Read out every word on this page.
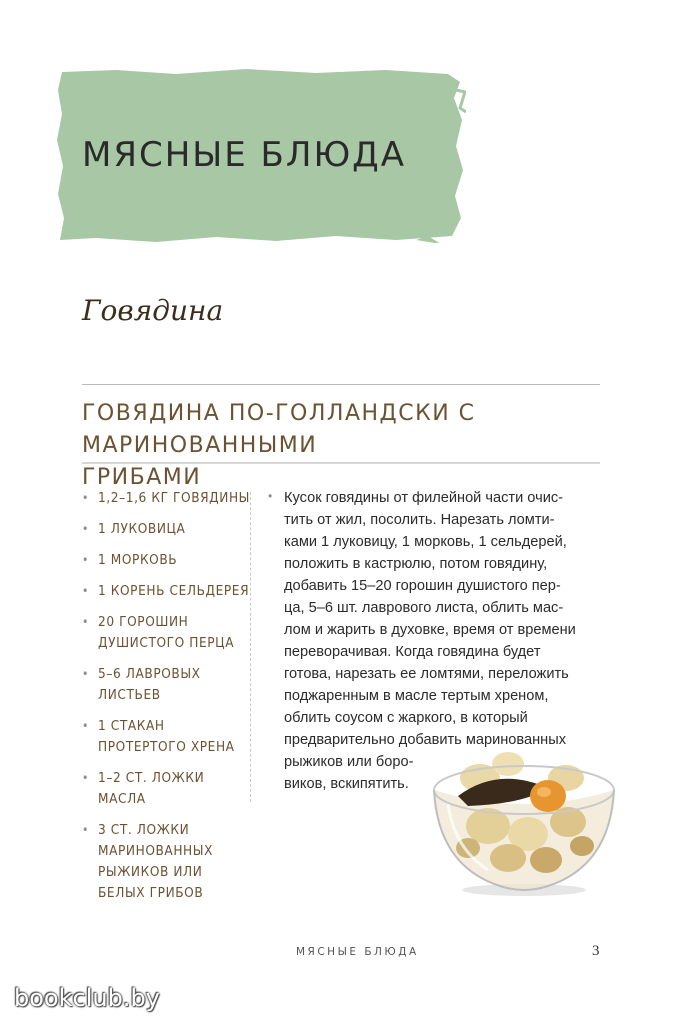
МЯСНЫЕ БЛЮДА
Говядина
ГОВЯДИНА ПО-ГОЛЛАНДСКИ С МАРИНОВАННЫМИ
ГРИБАМИ
• 1,2–1,6 КГ ГОВЯДИНЫ
• 1 ЛУКОВИЦА
• 1 МОРКОВЬ
• 1 КОРЕНЬ СЕЛЬДЕРЕЯ
• 20 ГОРОШИН ДУШИСТОГО ПЕРЦА
• 5–6 ЛАВРОВЫХ ЛИСТЬЕВ
• 1 СТАКАН ПРОТЕРТОГО ХРЕНА
• 1–2 СТ. ЛОЖКИ МАСЛА
• 3 СТ. ЛОЖКИ МАРИНОВАННЫХ РЫЖИКОВ ИЛИ БЕЛЫХ ГРИБОВ
• Кусок говядины от филейной части очис-
тить от жил, посолить. Нарезать ломти-
ками 1 луковицу, 1 морковь, 1 сельдерей,
положить в кастрюлю, потом говядину,
добавить 15–20 горошин душистого пер-
ца, 5–6 шт. лаврового листа, облить мас-
лом и жарить в духовке, время от времени
переворачивая. Когда говядина будет
готова, нарезать ее ломтями, переложить
поджаренным в масле тертым хреном,
облить соусом с жаркого, в который
предварительно добавить маринованных
рыжиков или боро-
виков, вскипятить.

МЯСНЫЕ БЛЮДА	3
bookclub.by
